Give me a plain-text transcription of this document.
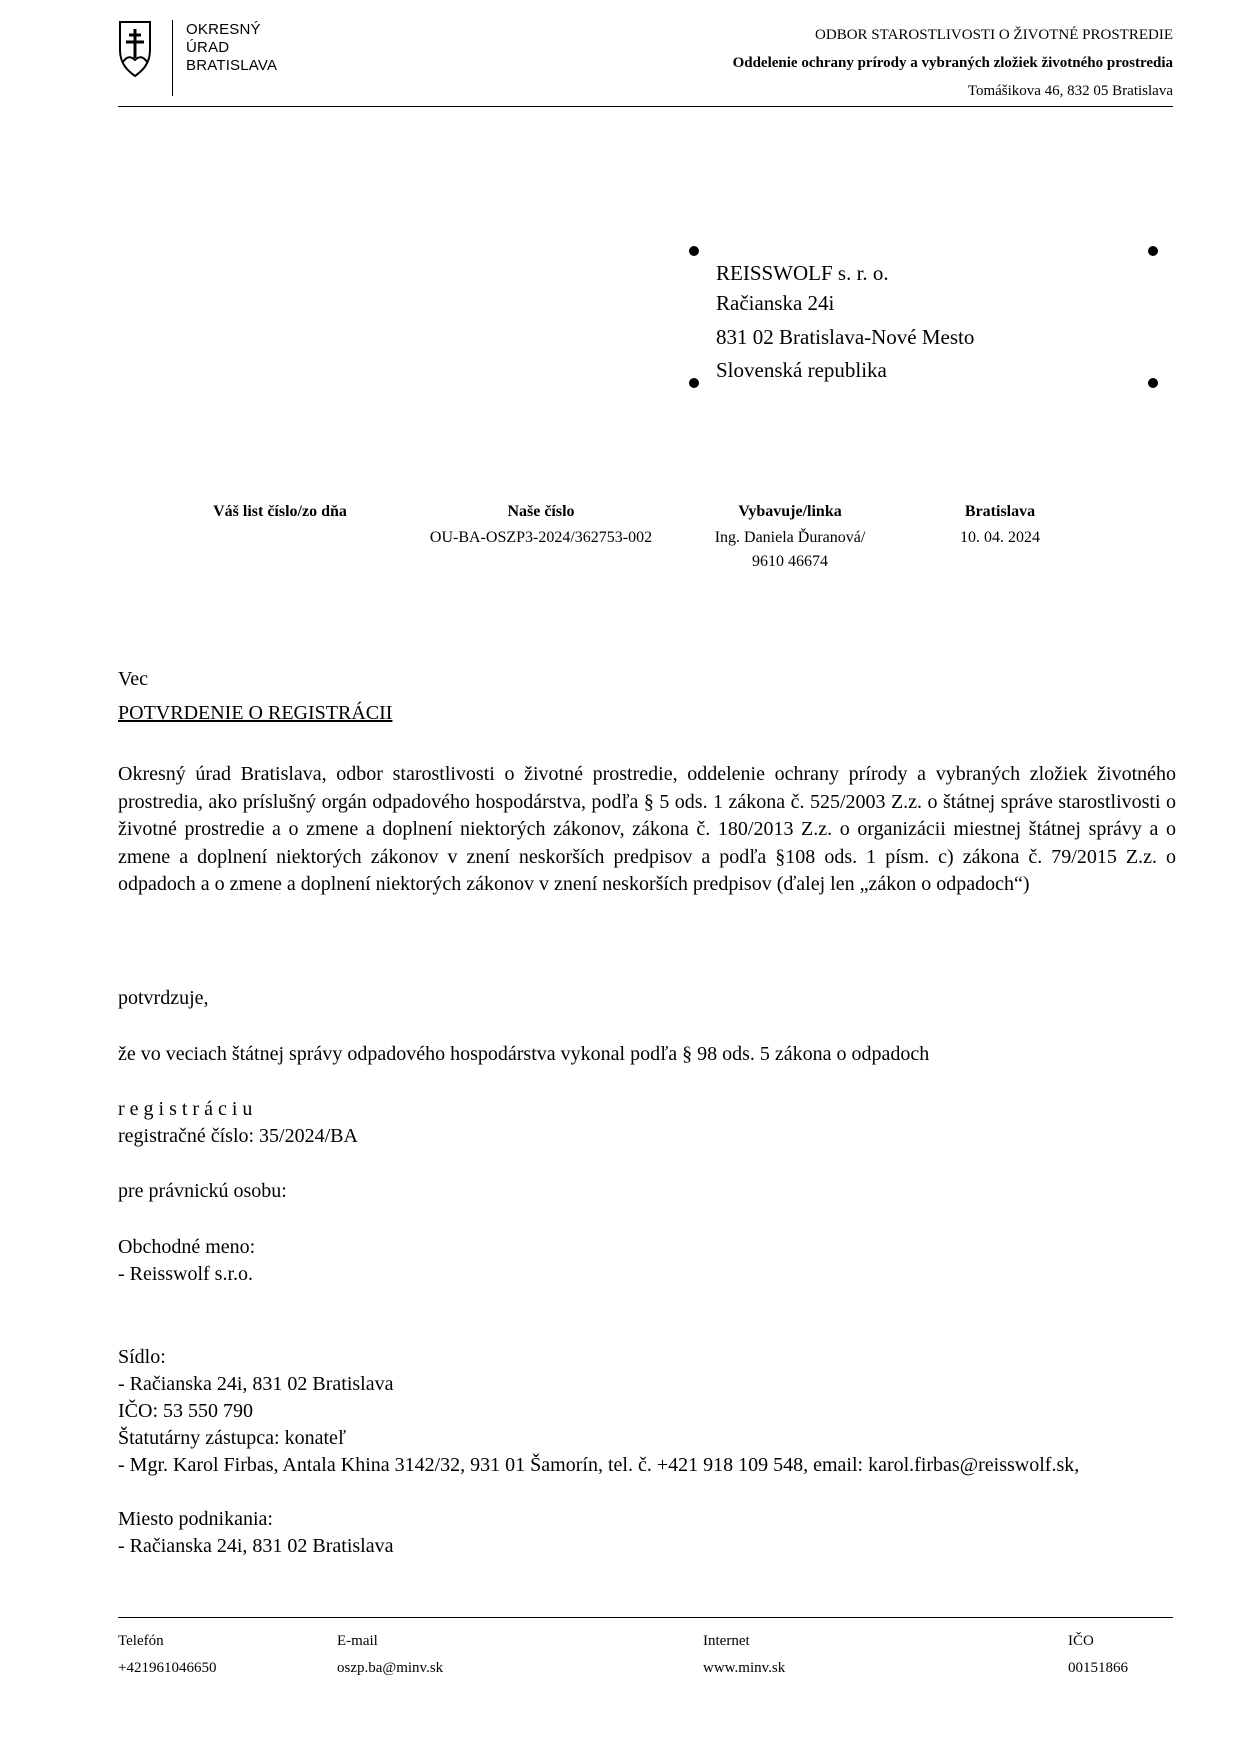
OKRESNÝ
ÚRAD
BRATISLAVA
ODBOR STAROSTLIVOSTI O ŽIVOTNÉ PROSTREDIE
Oddelenie ochrany prírody a vybraných zložiek životného prostredia
Tomášikova 46, 832 05 Bratislava
REISSWOLF s. r. o.
Račianska 24i
831 02 Bratislava-Nové Mesto
Slovenská republika
Váš list číslo/zo dňa	Naše číslo
OU-BA-OSZP3-2024/362753-002
Vybavuje/linka
Ing. Daniela Ďuranová/
9610 46674
Bratislava
10. 04. 2024
Vec
POTVRDENIE O REGISTRÁCII
Okresný úrad Bratislava, odbor starostlivosti o životné prostredie, oddelenie ochrany prírody a vybraných zložiek životného prostredia, ako príslušný orgán odpadového hospodárstva, podľa § 5 ods. 1 zákona č. 525/2003 Z.z. o štátnej správe starostlivosti o životné prostredie a o zmene a doplnení niektorých zákonov, zákona č. 180/2013 Z.z. o organizácii miestnej štátnej správy a o zmene a doplnení niektorých zákonov v znení neskorších predpisov a podľa §108 ods. 1 písm. c) zákona č. 79/2015 Z.z. o odpadoch a o zmene a doplnení niektorých zákonov v znení neskorších predpisov (ďalej len „zákon o odpadoch“)
potvrdzuje,
že vo veciach štátnej správy odpadového hospodárstva vykonal podľa § 98 ods. 5 zákona o odpadoch
registráciu
registračné číslo: 35/2024/BA
pre právnickú osobu:
Obchodné meno:
- Reisswolf s.r.o.
Sídlo:
- Račianska 24i, 831 02 Bratislava
IČO: 53 550 790
Štatutárny zástupca: konateľ
- Mgr. Karol Firbas, Antala Khina 3142/32, 931 01 Šamorín, tel. č. +421 918 109 548, email: karol.firbas@reisswolf.sk,
Miesto podnikania:
- Račianska 24i, 831 02 Bratislava
Telefón
+421961046650
E-mail
oszp.ba@minv.sk
Internet
www.minv.sk
IČO
00151866
